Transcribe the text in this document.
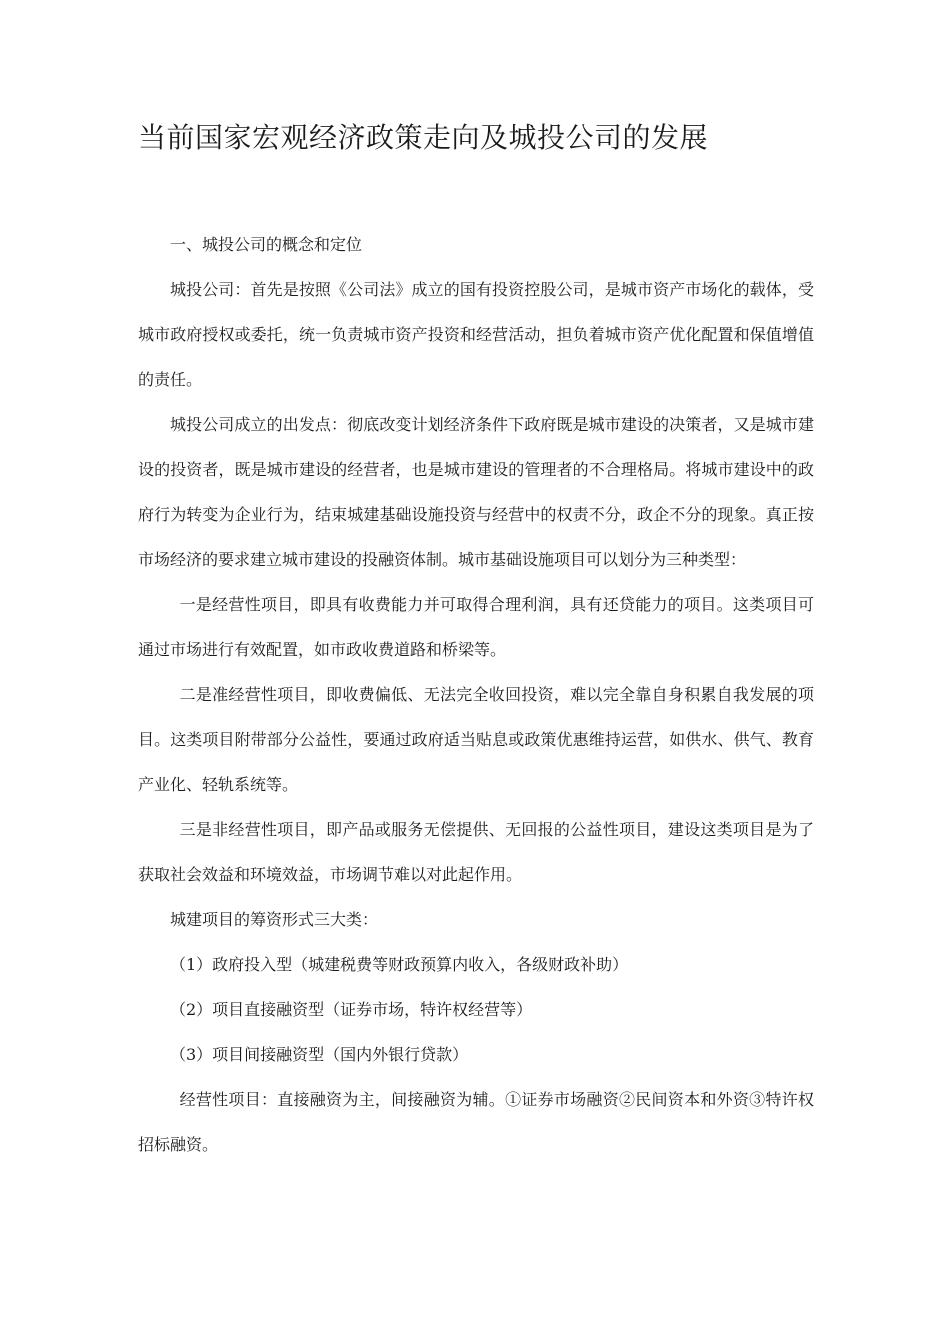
当前国家宏观经济政策走向及城投公司的发展

一、城投公司的概念和定位

城投公司：首先是按照《公司法》成立的国有投资控股公司，是城市资产市场化的载体，受城市政府授权或委托，统一负责城市资产投资和经营活动，担负着城市资产优化配置和保值增值的责任。

城投公司成立的出发点：彻底改变计划经济条件下政府既是城市建设的决策者，又是城市建设的投资者，既是城市建设的经营者，也是城市建设的管理者的不合理格局。将城市建设中的政府行为转变为企业行为，结束城建基础设施投资与经营中的权责不分，政企不分的现象。真正按市场经济的要求建立城市建设的投融资体制。城市基础设施项目可以划分为三种类型：

一是经营性项目，即具有收费能力并可取得合理利润，具有还贷能力的项目。这类项目可通过市场进行有效配置，如市政收费道路和桥梁等。

二是准经营性项目，即收费偏低、无法完全收回投资，难以完全靠自身积累自我发展的项目。这类项目附带部分公益性，要通过政府适当贴息或政策优惠维持运营，如供水、供气、教育产业化、轻轨系统等。

三是非经营性项目，即产品或服务无偿提供、无回报的公益性项目，建设这类项目是为了获取社会效益和环境效益，市场调节难以对此起作用。

城建项目的筹资形式三大类：

（1）政府投入型（城建税费等财政预算内收入，各级财政补助）

（2）项目直接融资型（证券市场，特许权经营等）

（3）项目间接融资型（国内外银行贷款）

经营性项目：直接融资为主，间接融资为辅。①证券市场融资②民间资本和外资③特许权招标融资。
